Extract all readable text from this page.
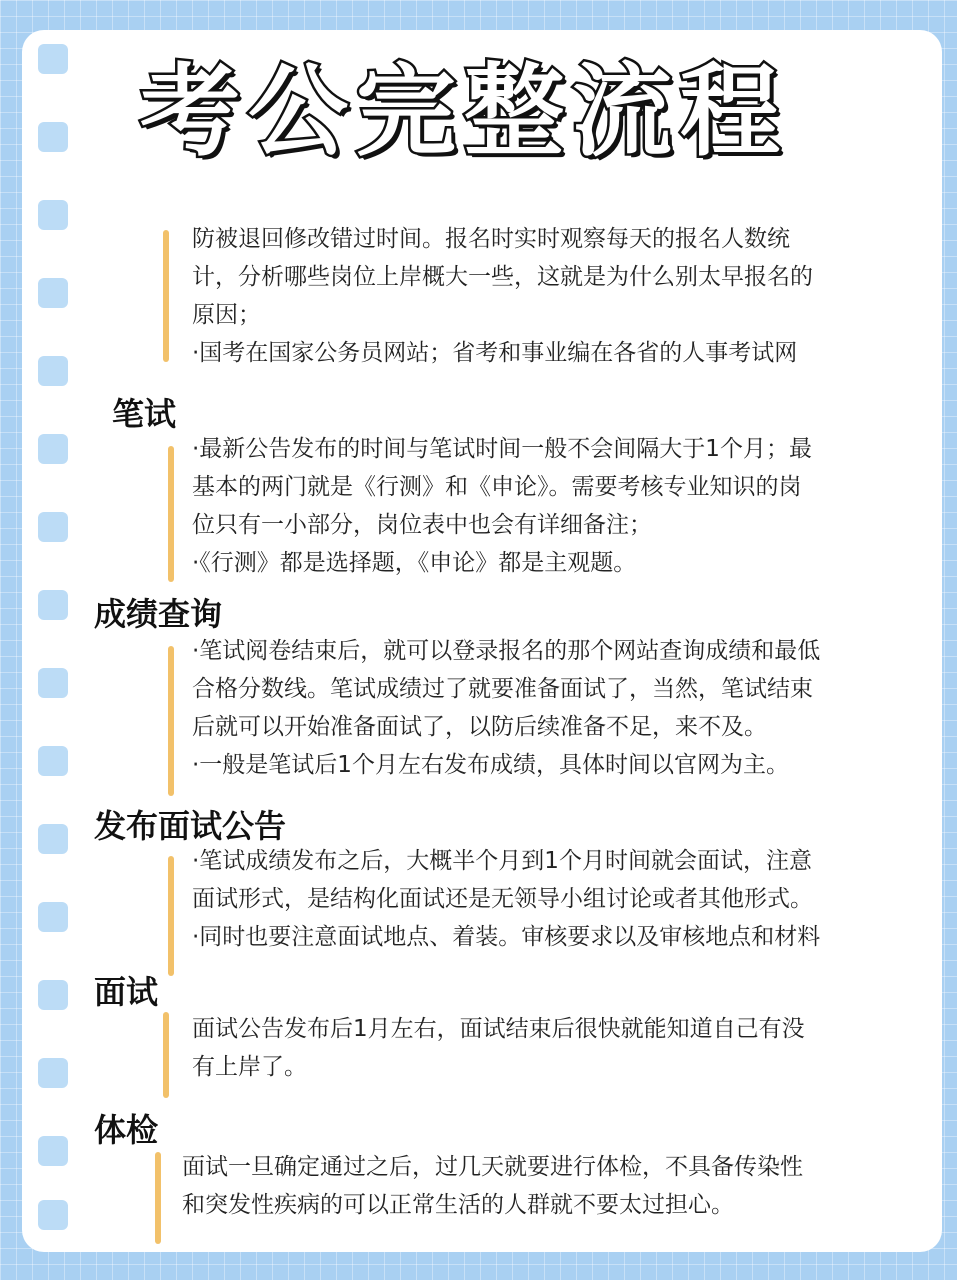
考公完整流程
防被退回修改错过时间。报名时实时观察每天的报名人数统
计，分析哪些岗位上岸概大一些，这就是为什么别太早报名的
原因；
·国考在国家公务员网站；省考和事业编在各省的人事考试网
笔试
·最新公告发布的时间与笔试时间一般不会间隔大于1个月；最
基本的两门就是《行测》和《申论》。需要考核专业知识的岗
位只有一小部分，岗位表中也会有详细备注；
·《行测》都是选择题，《申论》都是主观题。
成绩查询
·笔试阅卷结束后，就可以登录报名的那个网站查询成绩和最低
合格分数线。笔试成绩过了就要准备面试了，当然，笔试结束
后就可以开始准备面试了，以防后续准备不足，来不及。
·一般是笔试后1个月左右发布成绩，具体时间以官网为主。
发布面试公告
·笔试成绩发布之后，大概半个月到1个月时间就会面试，注意
面试形式，是结构化面试还是无领导小组讨论或者其他形式。
·同时也要注意面试地点、着装。审核要求以及审核地点和材料
面试
面试公告发布后1月左右，面试结束后很快就能知道自己有没
有上岸了。
体检
面试一旦确定通过之后，过几天就要进行体检，不具备传染性
和突发性疾病的可以正常生活的人群就不要太过担心。
